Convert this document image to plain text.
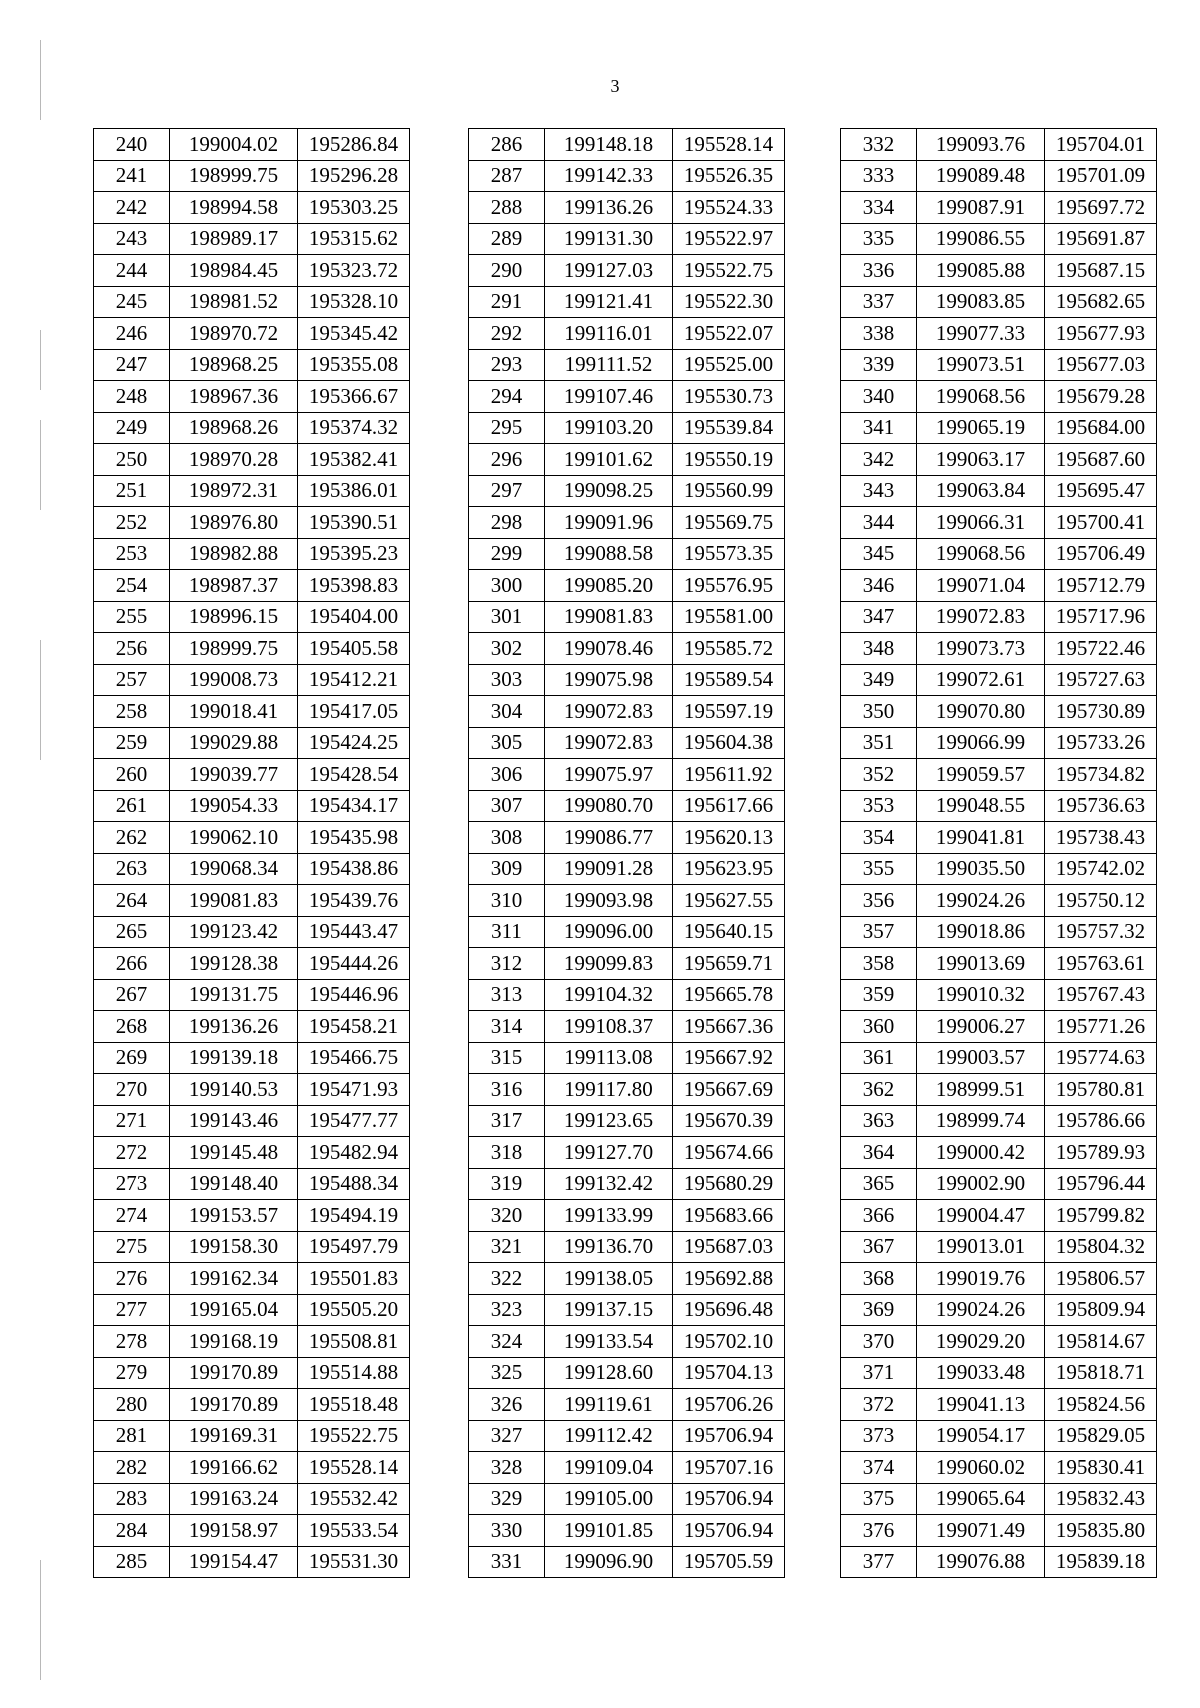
3
240	199004.02	195286.84
241	198999.75	195296.28
242	198994.58	195303.25
243	198989.17	195315.62
244	198984.45	195323.72
245	198981.52	195328.10
246	198970.72	195345.42
247	198968.25	195355.08
248	198967.36	195366.67
249	198968.26	195374.32
250	198970.28	195382.41
251	198972.31	195386.01
252	198976.80	195390.51
253	198982.88	195395.23
254	198987.37	195398.83
255	198996.15	195404.00
256	198999.75	195405.58
257	199008.73	195412.21
258	199018.41	195417.05
259	199029.88	195424.25
260	199039.77	195428.54
261	199054.33	195434.17
262	199062.10	195435.98
263	199068.34	195438.86
264	199081.83	195439.76
265	199123.42	195443.47
266	199128.38	195444.26
267	199131.75	195446.96
268	199136.26	195458.21
269	199139.18	195466.75
270	199140.53	195471.93
271	199143.46	195477.77
272	199145.48	195482.94
273	199148.40	195488.34
274	199153.57	195494.19
275	199158.30	195497.79
276	199162.34	195501.83
277	199165.04	195505.20
278	199168.19	195508.81
279	199170.89	195514.88
280	199170.89	195518.48
281	199169.31	195522.75
282	199166.62	195528.14
283	199163.24	195532.42
284	199158.97	195533.54
285	199154.47	195531.30
286	199148.18	195528.14
287	199142.33	195526.35
288	199136.26	195524.33
289	199131.30	195522.97
290	199127.03	195522.75
291	199121.41	195522.30
292	199116.01	195522.07
293	199111.52	195525.00
294	199107.46	195530.73
295	199103.20	195539.84
296	199101.62	195550.19
297	199098.25	195560.99
298	199091.96	195569.75
299	199088.58	195573.35
300	199085.20	195576.95
301	199081.83	195581.00
302	199078.46	195585.72
303	199075.98	195589.54
304	199072.83	195597.19
305	199072.83	195604.38
306	199075.97	195611.92
307	199080.70	195617.66
308	199086.77	195620.13
309	199091.28	195623.95
310	199093.98	195627.55
311	199096.00	195640.15
312	199099.83	195659.71
313	199104.32	195665.78
314	199108.37	195667.36
315	199113.08	195667.92
316	199117.80	195667.69
317	199123.65	195670.39
318	199127.70	195674.66
319	199132.42	195680.29
320	199133.99	195683.66
321	199136.70	195687.03
322	199138.05	195692.88
323	199137.15	195696.48
324	199133.54	195702.10
325	199128.60	195704.13
326	199119.61	195706.26
327	199112.42	195706.94
328	199109.04	195707.16
329	199105.00	195706.94
330	199101.85	195706.94
331	199096.90	195705.59
332	199093.76	195704.01
333	199089.48	195701.09
334	199087.91	195697.72
335	199086.55	195691.87
336	199085.88	195687.15
337	199083.85	195682.65
338	199077.33	195677.93
339	199073.51	195677.03
340	199068.56	195679.28
341	199065.19	195684.00
342	199063.17	195687.60
343	199063.84	195695.47
344	199066.31	195700.41
345	199068.56	195706.49
346	199071.04	195712.79
347	199072.83	195717.96
348	199073.73	195722.46
349	199072.61	195727.63
350	199070.80	195730.89
351	199066.99	195733.26
352	199059.57	195734.82
353	199048.55	195736.63
354	199041.81	195738.43
355	199035.50	195742.02
356	199024.26	195750.12
357	199018.86	195757.32
358	199013.69	195763.61
359	199010.32	195767.43
360	199006.27	195771.26
361	199003.57	195774.63
362	198999.51	195780.81
363	198999.74	195786.66
364	199000.42	195789.93
365	199002.90	195796.44
366	199004.47	195799.82
367	199013.01	195804.32
368	199019.76	195806.57
369	199024.26	195809.94
370	199029.20	195814.67
371	199033.48	195818.71
372	199041.13	195824.56
373	199054.17	195829.05
374	199060.02	195830.41
375	199065.64	195832.43
376	199071.49	195835.80
377	199076.88	195839.18
